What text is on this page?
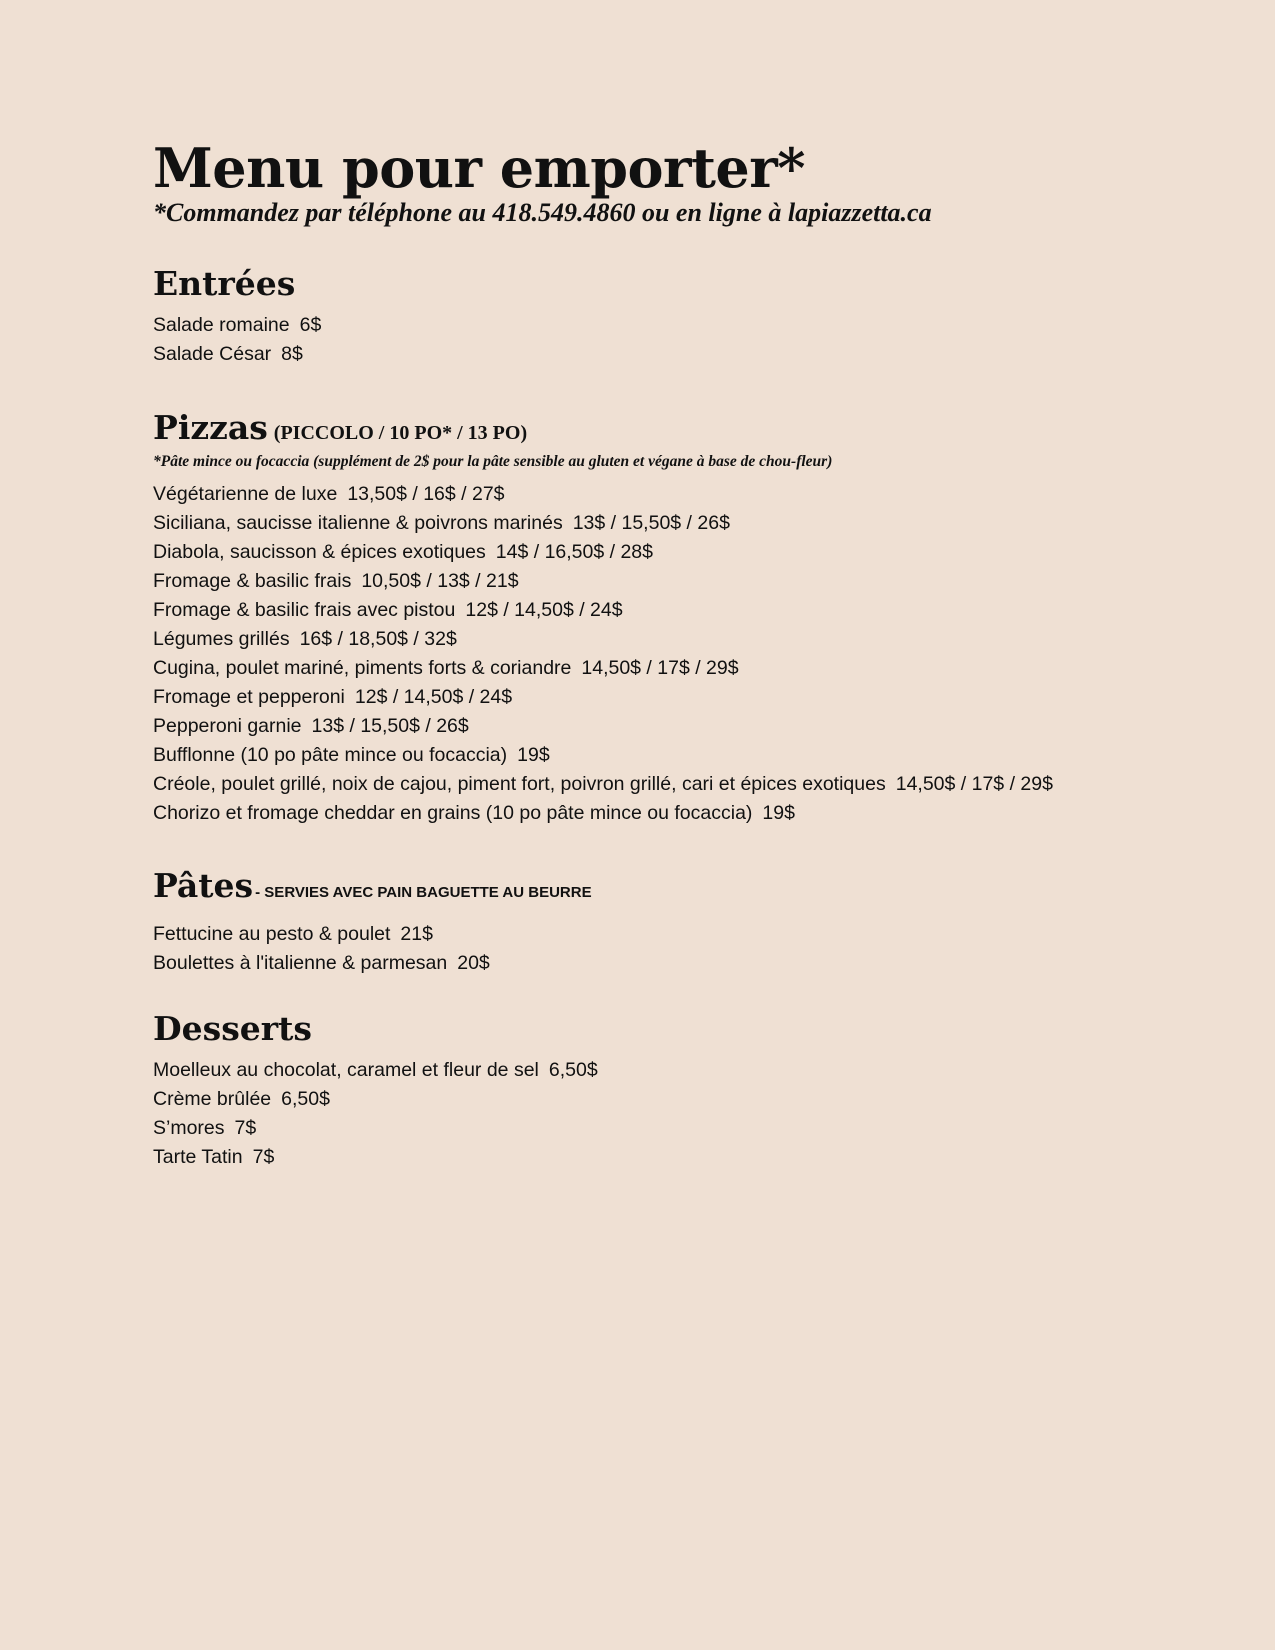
Menu pour emporter*

*Commandez par téléphone au 418.549.4860 ou en ligne à lapiazzetta.ca

Entrées
Salade romaine 6$
Salade César 8$
Pizzas (PICCOLO / 10 PO* / 13 PO)

*Pâte mince ou focaccia (supplément de 2$ pour la pâte sensible au gluten et végane à base de chou-fleur)

Végétarienne de luxe 13,50$ / 16$ / 27$
Siciliana, saucisse italienne & poivrons marinés 13$ / 15,50$ / 26$
Diabola, saucisson & épices exotiques 14$ / 16,50$ / 28$
Fromage & basilic frais 10,50$ / 13$ / 21$
Fromage & basilic frais avec pistou 12$ / 14,50$ / 24$
Légumes grillés 16$ / 18,50$ / 32$
Cugina, poulet mariné, piments forts & coriandre 14,50$ / 17$ / 29$
Fromage et pepperoni 12$ / 14,50$ / 24$
Pepperoni garnie 13$ / 15,50$ / 26$
Bufflonne (10 po pâte mince ou focaccia) 19$
Créole, poulet grillé, noix de cajou, piment fort, poivron grillé, cari et épices exotiques 14,50$ / 17$ / 29$
Chorizo et fromage cheddar en grains (10 po pâte mince ou focaccia) 19$
Pâtes - SERVIES AVEC PAIN BAGUETTE AU BEURRE
Fettucine au pesto & poulet 21$
Boulettes à l'italienne & parmesan 20$
Desserts
Moelleux au chocolat, caramel et fleur de sel 6,50$
Crème brûlée 6,50$
S’mores 7$
Tarte Tatin 7$
